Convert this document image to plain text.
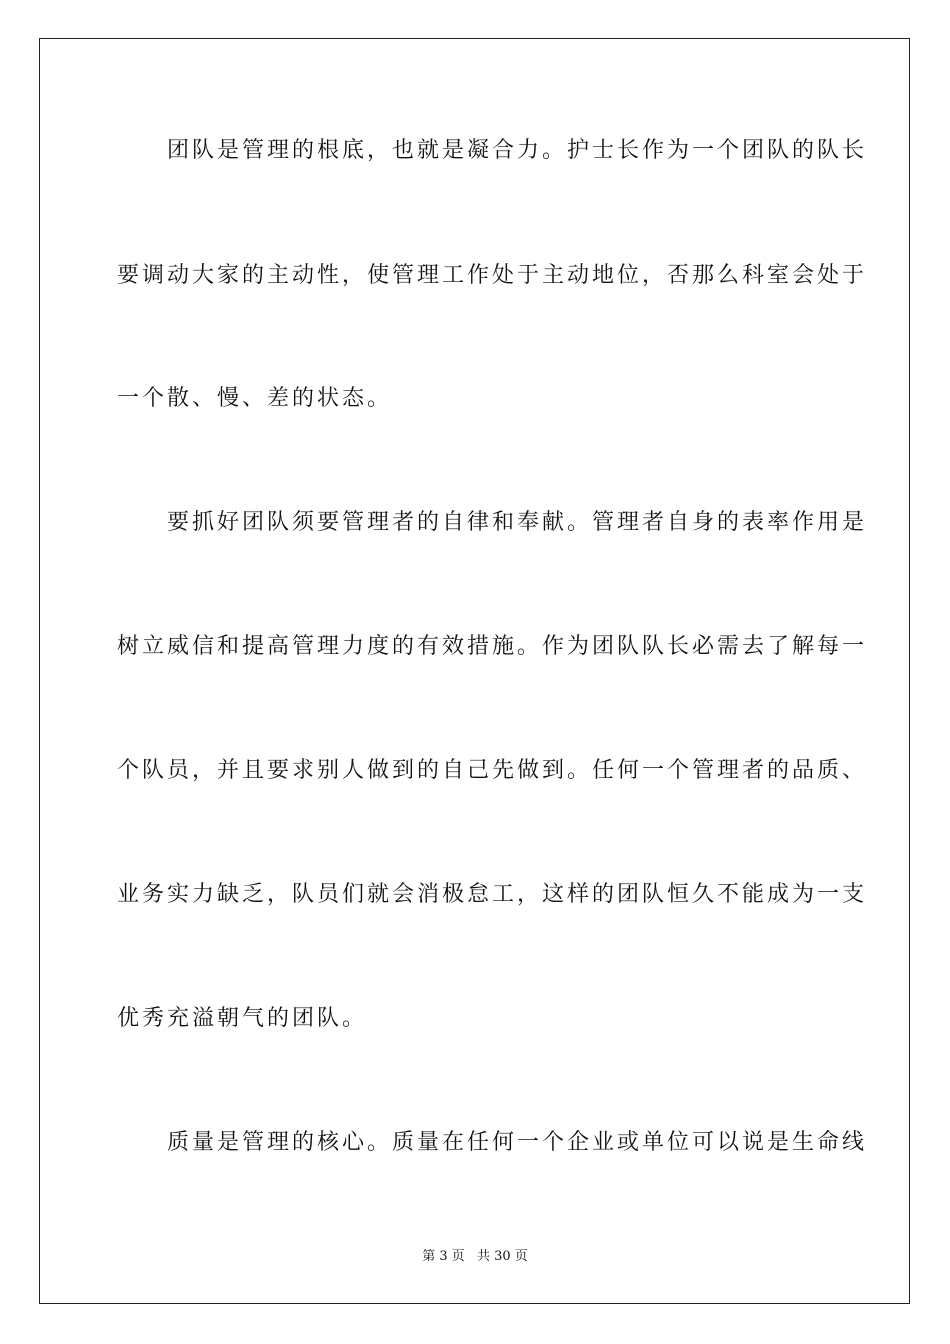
　　团队是管理的根底，也就是凝合力。护士长作为一个团队的队长
要调动大家的主动性，使管理工作处于主动地位，否那么科室会处于
一个散、慢、差的状态。
　　要抓好团队须要管理者的自律和奉献。管理者自身的表率作用是
树立威信和提高管理力度的有效措施。作为团队队长必需去了解每一
个队员，并且要求别人做到的自己先做到。任何一个管理者的品质、
业务实力缺乏，队员们就会消极怠工，这样的团队恒久不能成为一支
优秀充溢朝气的团队。
　　质量是管理的核心。质量在任何一个企业或单位可以说是生命线
第 3 页 共 30 页
